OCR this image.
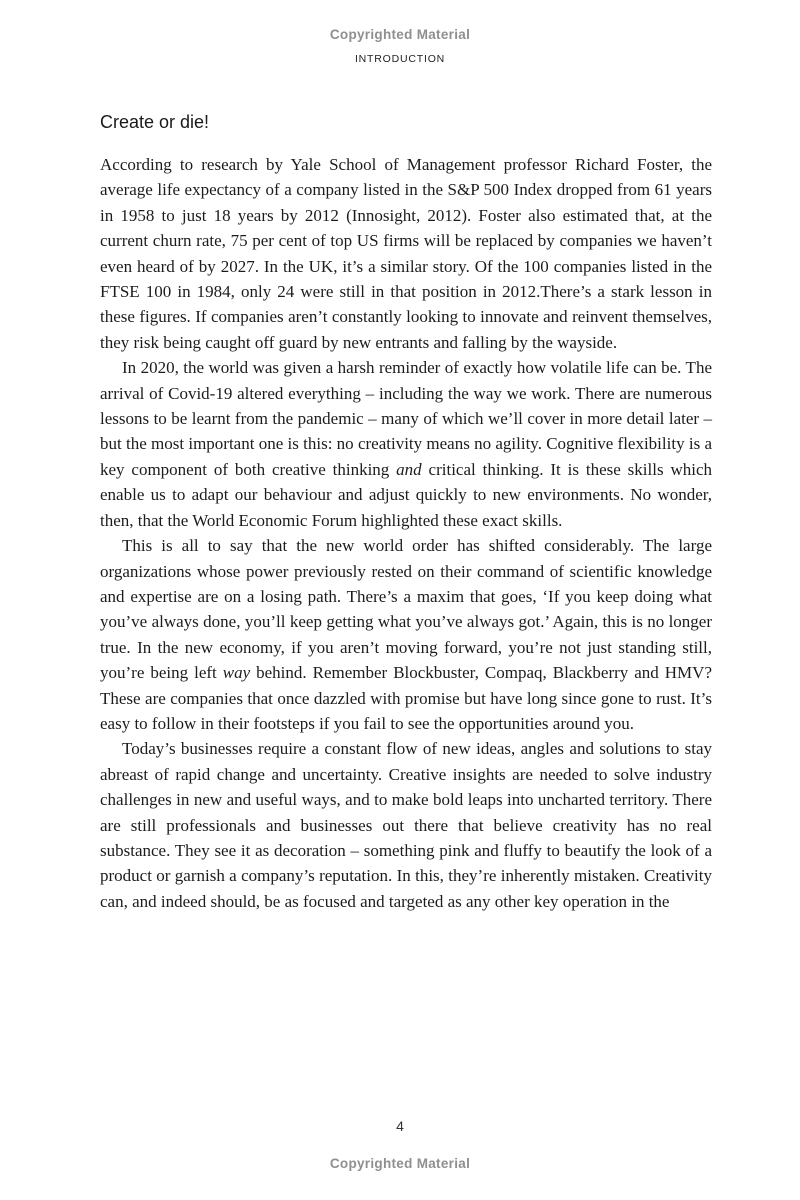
Copyrighted Material
INTRODUCTION
Create or die!

According to research by Yale School of Management professor Richard Foster, the average life expectancy of a company listed in the S&P 500 Index dropped from 61 years in 1958 to just 18 years by 2012 (Innosight, 2012). Foster also estimated that, at the current churn rate, 75 per cent of top US firms will be replaced by companies we haven’t even heard of by 2027. In the UK, it’s a similar story. Of the 100 companies listed in the FTSE 100 in 1984, only 24 were still in that position in 2012.There’s a stark lesson in these figures. If companies aren’t constantly looking to innovate and reinvent themselves, they risk being caught off guard by new entrants and falling by the wayside.

In 2020, the world was given a harsh reminder of exactly how volatile life can be. The arrival of Covid-19 altered everything – including the way we work. There are numerous lessons to be learnt from the pandemic – many of which we’ll cover in more detail later – but the most important one is this: no creativity means no agility. Cognitive flexibility is a key component of both creative thinking and critical thinking. It is these skills which enable us to adapt our behaviour and adjust quickly to new environments. No wonder, then, that the World Economic Forum highlighted these exact skills.

This is all to say that the new world order has shifted considerably. The large organizations whose power previously rested on their command of scientific knowledge and expertise are on a losing path. There’s a maxim that goes, ‘If you keep doing what you’ve always done, you’ll keep getting what you’ve always got.’ Again, this is no longer true. In the new economy, if you aren’t moving forward, you’re not just standing still, you’re being left way behind. Remember Blockbuster, Compaq, Blackberry and HMV? These are companies that once dazzled with promise but have long since gone to rust. It’s easy to follow in their footsteps if you fail to see the opportunities around you.

Today’s businesses require a constant flow of new ideas, angles and solutions to stay abreast of rapid change and uncertainty. Creative insights are needed to solve industry challenges in new and useful ways, and to make bold leaps into uncharted territory. There are still professionals and businesses out there that believe creativity has no real substance. They see it as decoration – something pink and fluffy to beautify the look of a product or garnish a company’s reputation. In this, they’re inherently mistaken. Creativity can, and indeed should, be as focused and targeted as any other key operation in the

4
Copyrighted Material
